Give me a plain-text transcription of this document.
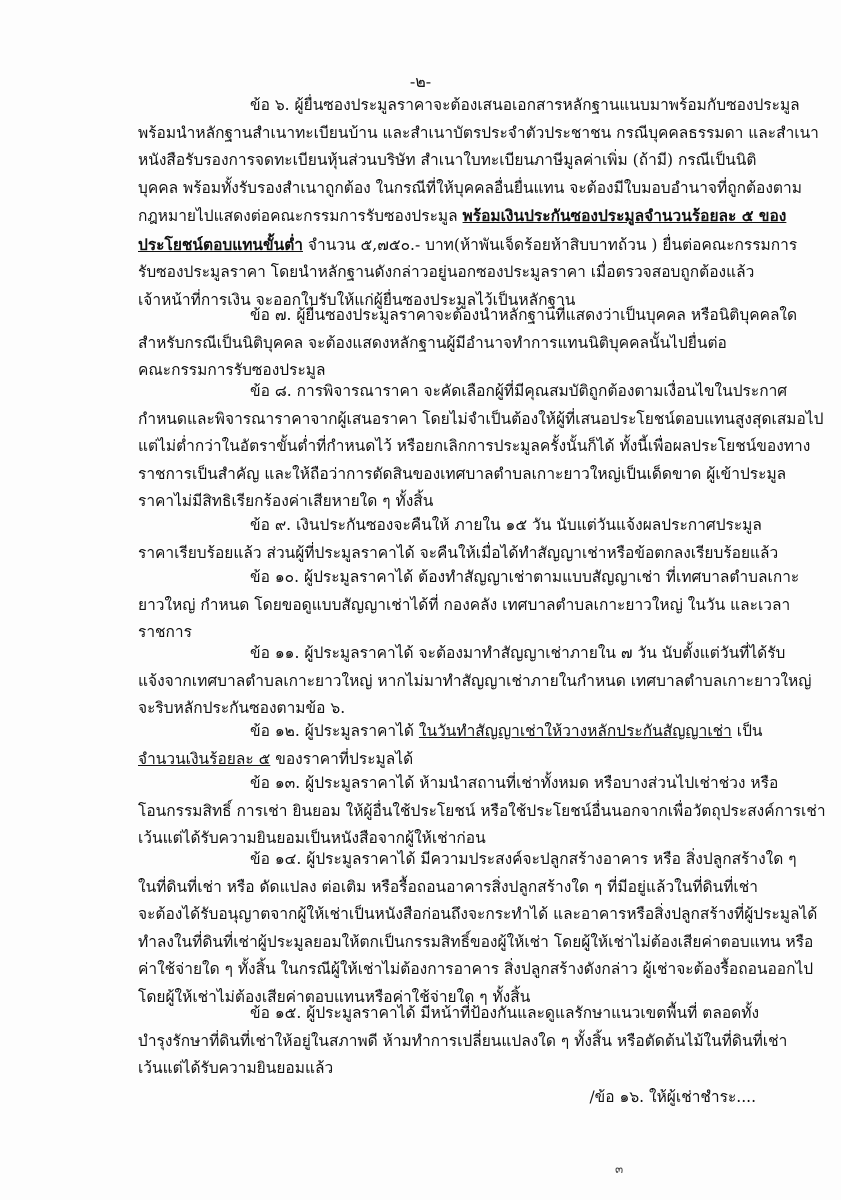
-๒-
ข้อ ๖. ผู้ยื่นซองประมูลราคาจะต้องเสนอเอกสารหลักฐานแนบมาพร้อมกับซองประมูล
พร้อมนำหลักฐานสำเนาทะเบียนบ้าน และสำเนาบัตรประจำตัวประชาชน กรณีบุคคลธรรมดา และสำเนา
หนังสือรับรองการจดทะเบียนหุ้นส่วนบริษัท สำเนาใบทะเบียนภาษีมูลค่าเพิ่ม (ถ้ามี) กรณีเป็นนิติ
บุคคล พร้อมทั้งรับรองสำเนาถูกต้อง ในกรณีที่ให้บุคคลอื่นยื่นแทน จะต้องมีใบมอบอำนาจที่ถูกต้องตาม
กฎหมายไปแสดงต่อคณะกรรมการรับซองประมูล พร้อมเงินประกันซองประมูลจำนวนร้อยละ ๕ ของ
ประโยชน์ตอบแทนขั้นต่ำ จำนวน ๕,๗๕๐.- บาท(ห้าพันเจ็ดร้อยห้าสิบบาทถ้วน ) ยื่นต่อคณะกรรมการ
รับซองประมูลราคา โดยนำหลักฐานดังกล่าวอยู่นอกซองประมูลราคา เมื่อตรวจสอบถูกต้องแล้ว
เจ้าหน้าที่การเงิน จะออกใบรับให้แก่ผู้ยื่นซองประมูลไว้เป็นหลักฐาน
ข้อ ๗. ผู้ยื่นซองประมูลราคาจะต้องนำหลักฐานที่แสดงว่าเป็นบุคคล หรือนิติบุคคลใด
สำหรับกรณีเป็นนิติบุคคล จะต้องแสดงหลักฐานผู้มีอำนาจทำการแทนนิติบุคคลนั้นไปยื่นต่อ
คณะกรรมการรับซองประมูล
ข้อ ๘. การพิจารณาราคา จะคัดเลือกผู้ที่มีคุณสมบัติถูกต้องตามเงื่อนไขในประกาศ
กำหนดและพิจารณาราคาจากผู้เสนอราคา โดยไม่จำเป็นต้องให้ผู้ที่เสนอประโยชน์ตอบแทนสูงสุดเสมอไป
แต่ไม่ต่ำกว่าในอัตราขั้นต่ำที่กำหนดไว้ หรือยกเลิกการประมูลครั้งนั้นก็ได้ ทั้งนี้เพื่อผลประโยชน์ของทาง
ราชการเป็นสำคัญ และให้ถือว่าการตัดสินของเทศบาลตำบลเกาะยาวใหญ่เป็นเด็ดขาด ผู้เข้าประมูล
ราคาไม่มีสิทธิเรียกร้องค่าเสียหายใด ๆ ทั้งสิ้น
ข้อ ๙. เงินประกันซองจะคืนให้ ภายใน ๑๕ วัน นับแต่วันแจ้งผลประกาศประมูล
ราคาเรียบร้อยแล้ว ส่วนผู้ที่ประมูลราคาได้ จะคืนให้เมื่อได้ทำสัญญาเช่าหรือข้อตกลงเรียบร้อยแล้ว
ข้อ ๑๐. ผู้ประมูลราคาได้ ต้องทำสัญญาเช่าตามแบบสัญญาเช่า ที่เทศบาลตำบลเกาะ
ยาวใหญ่ กำหนด โดยขอดูแบบสัญญาเช่าได้ที่ กองคลัง เทศบาลตำบลเกาะยาวใหญ่ ในวัน และเวลา
ราชการ
ข้อ ๑๑. ผู้ประมูลราคาได้ จะต้องมาทำสัญญาเช่าภายใน ๗ วัน นับตั้งแต่วันที่ได้รับ
แจ้งจากเทศบาลตำบลเกาะยาวใหญ่ หากไม่มาทำสัญญาเช่าภายในกำหนด เทศบาลตำบลเกาะยาวใหญ่
จะริบหลักประกันซองตามข้อ ๖.
ข้อ ๑๒. ผู้ประมูลราคาได้ ในวันทำสัญญาเช่าให้วางหลักประกันสัญญาเช่า เป็น
จำนวนเงินร้อยละ ๕ ของราคาที่ประมูลได้
ข้อ ๑๓. ผู้ประมูลราคาได้ ห้ามนำสถานที่เช่าทั้งหมด หรือบางส่วนไปเช่าช่วง หรือ
โอนกรรมสิทธิ์ การเช่า ยินยอม ให้ผู้อื่นใช้ประโยชน์ หรือใช้ประโยชน์อื่นนอกจากเพื่อวัตถุประสงค์การเช่า
เว้นแต่ได้รับความยินยอมเป็นหนังสือจากผู้ให้เช่าก่อน
ข้อ ๑๔. ผู้ประมูลราคาได้ มีความประสงค์จะปลูกสร้างอาคาร หรือ สิ่งปลูกสร้างใด ๆ
ในที่ดินที่เช่า หรือ ดัดแปลง ต่อเติม หรือรื้อถอนอาคารสิ่งปลูกสร้างใด ๆ ที่มีอยู่แล้วในที่ดินที่เช่า
จะต้องได้รับอนุญาตจากผู้ให้เช่าเป็นหนังสือก่อนถึงจะกระทำได้ และอาคารหรือสิ่งปลูกสร้างที่ผู้ประมูลได้
ทำลงในที่ดินที่เช่าผู้ประมูลยอมให้ตกเป็นกรรมสิทธิ์ของผู้ให้เช่า โดยผู้ให้เช่าไม่ต้องเสียค่าตอบแทน หรือ
ค่าใช้จ่ายใด ๆ ทั้งสิ้น ในกรณีผู้ให้เช่าไม่ต้องการอาคาร สิ่งปลูกสร้างดังกล่าว ผู้เช่าจะต้องรื้อถอนออกไป
โดยผู้ให้เช่าไม่ต้องเสียค่าตอบแทนหรือค่าใช้จ่ายใด ๆ ทั้งสิ้น
ข้อ ๑๕. ผู้ประมูลราคาได้ มีหน้าที่ป้องกันและดูแลรักษาแนวเขตพื้นที่ ตลอดทั้ง
บำรุงรักษาที่ดินที่เช่าให้อยู่ในสภาพดี ห้ามทำการเปลี่ยนแปลงใด ๆ ทั้งสิ้น หรือตัดต้นไม้ในที่ดินที่เช่า
เว้นแต่ได้รับความยินยอมแล้ว
/ข้อ ๑๖. ให้ผู้เช่าชำระ....
๓
